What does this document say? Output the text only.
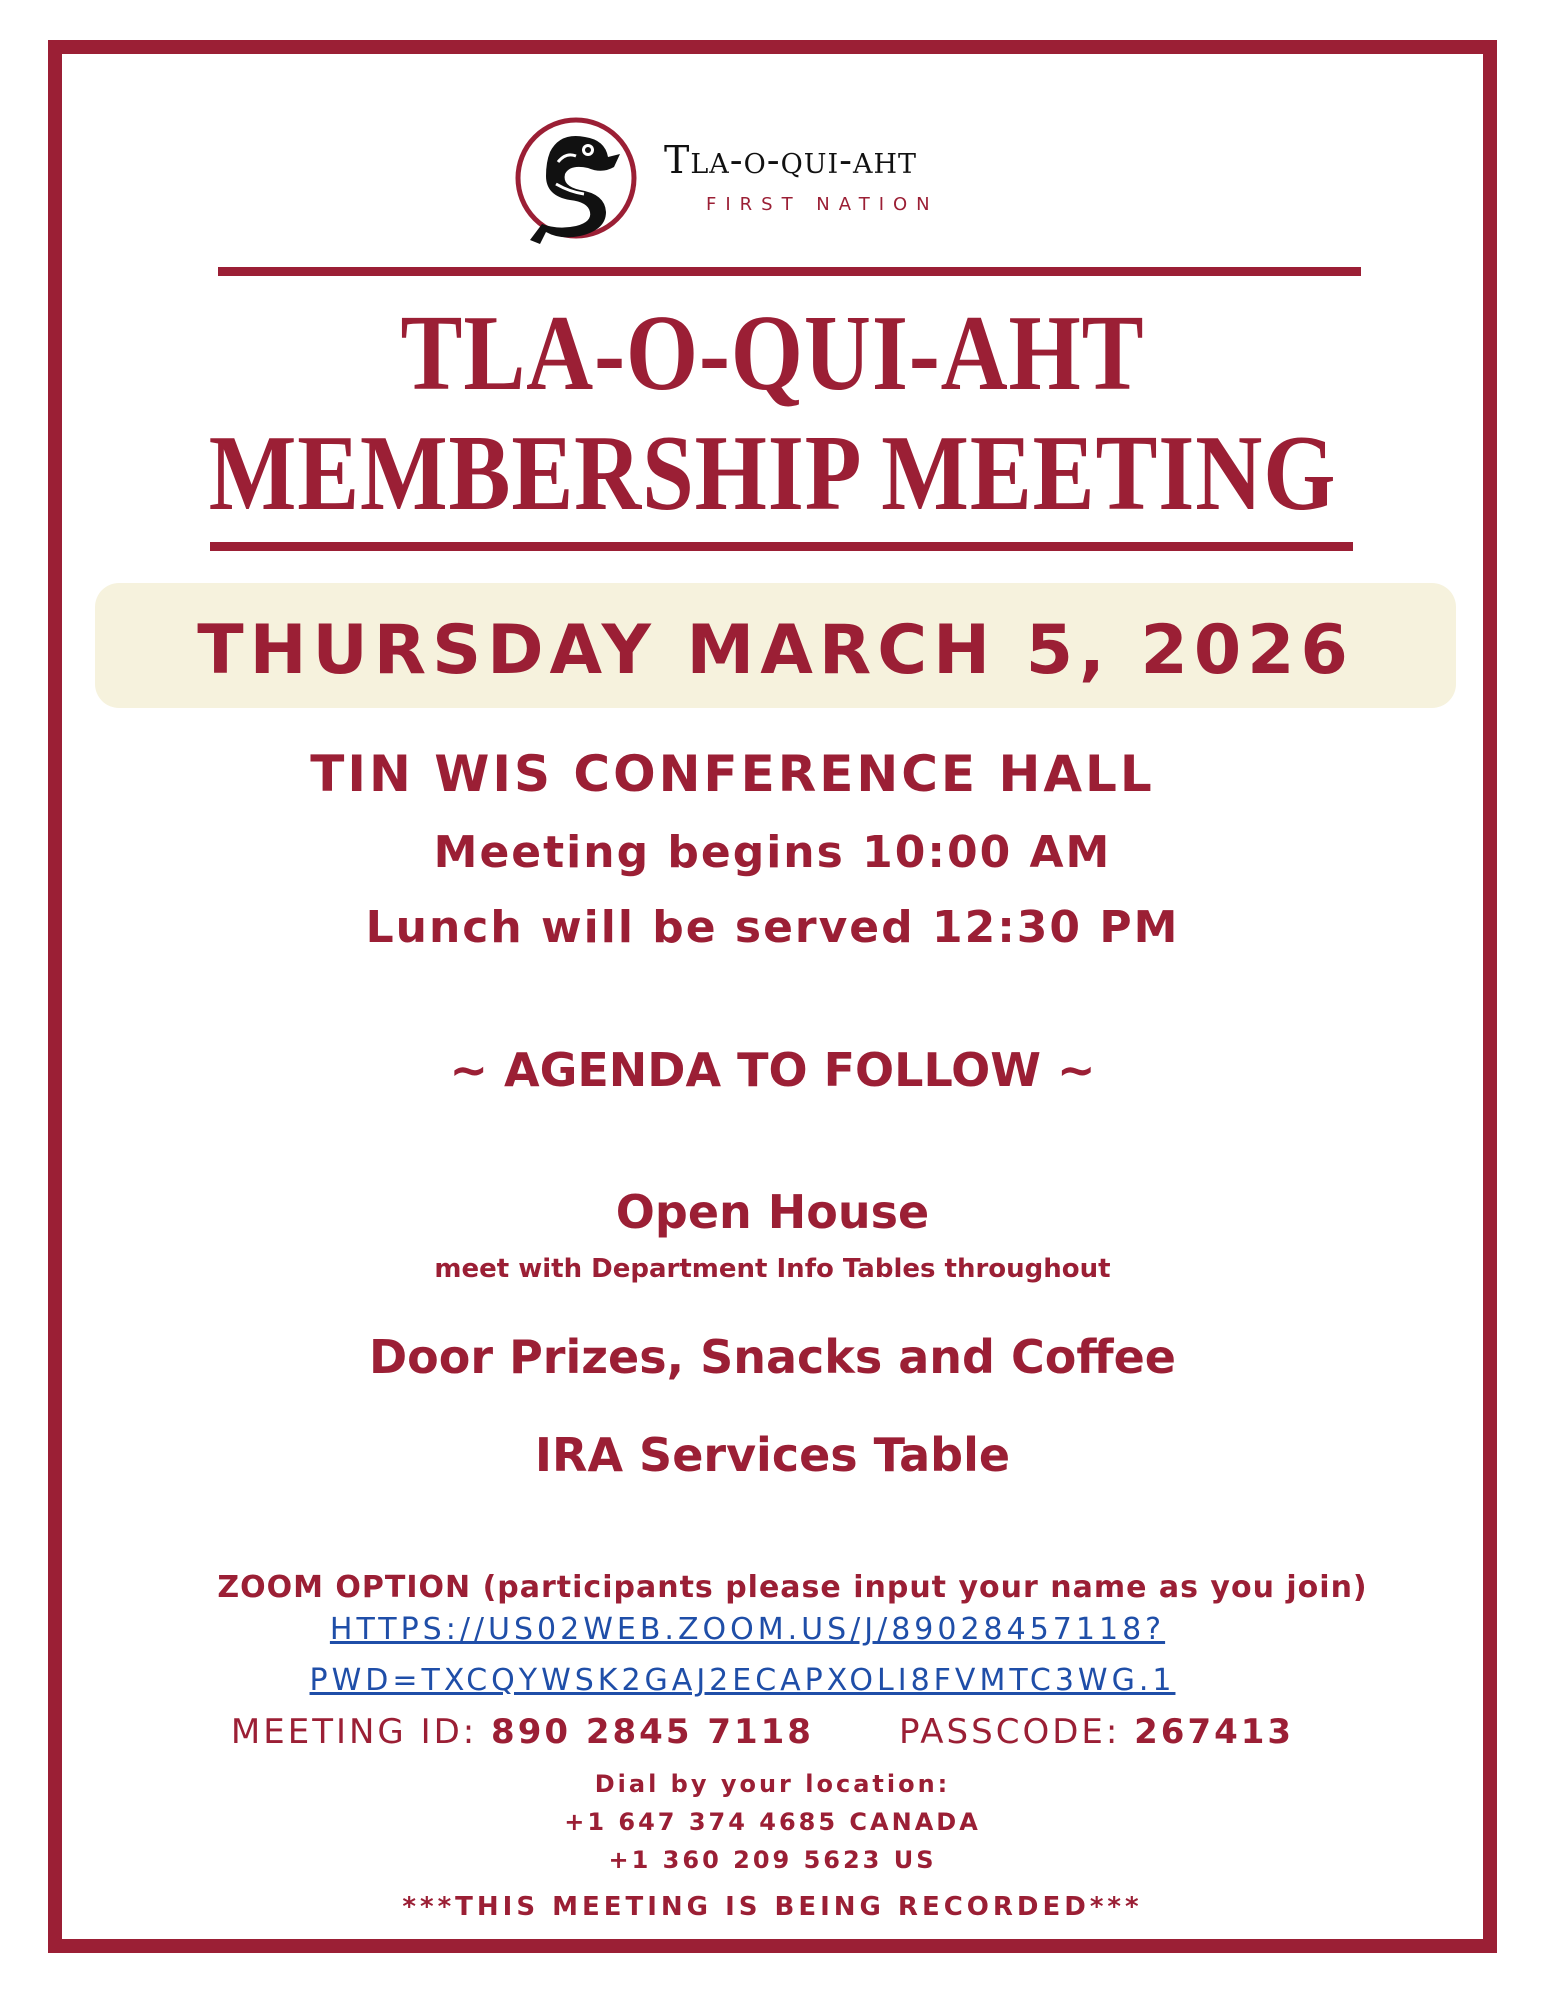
Tla-o-qui-aht
FIRST NATION
TLA-O-QUI-AHT
MEMBERSHIP MEETING
THURSDAY MARCH 5, 2026
TIN WIS CONFERENCE HALL
Meeting begins 10:00 AM
Lunch will be served 12:30 PM
~ AGENDA TO FOLLOW ~
Open House
meet with Department Info Tables throughout
Door Prizes, Snacks and Coffee
IRA Services Table
ZOOM OPTION (participants please input your name as you join)
HTTPS://US02WEB.ZOOM.US/J/89028457118?
PWD=TXCQYWSK2GAJ2ECAPXOLI8FVMTC3WG.1
MEETING ID: 890 2845 7118	PASSCODE: 267413
Dial by your location:
+1 647 374 4685 CANADA
+1 360 209 5623 US
***THIS MEETING IS BEING RECORDED***
